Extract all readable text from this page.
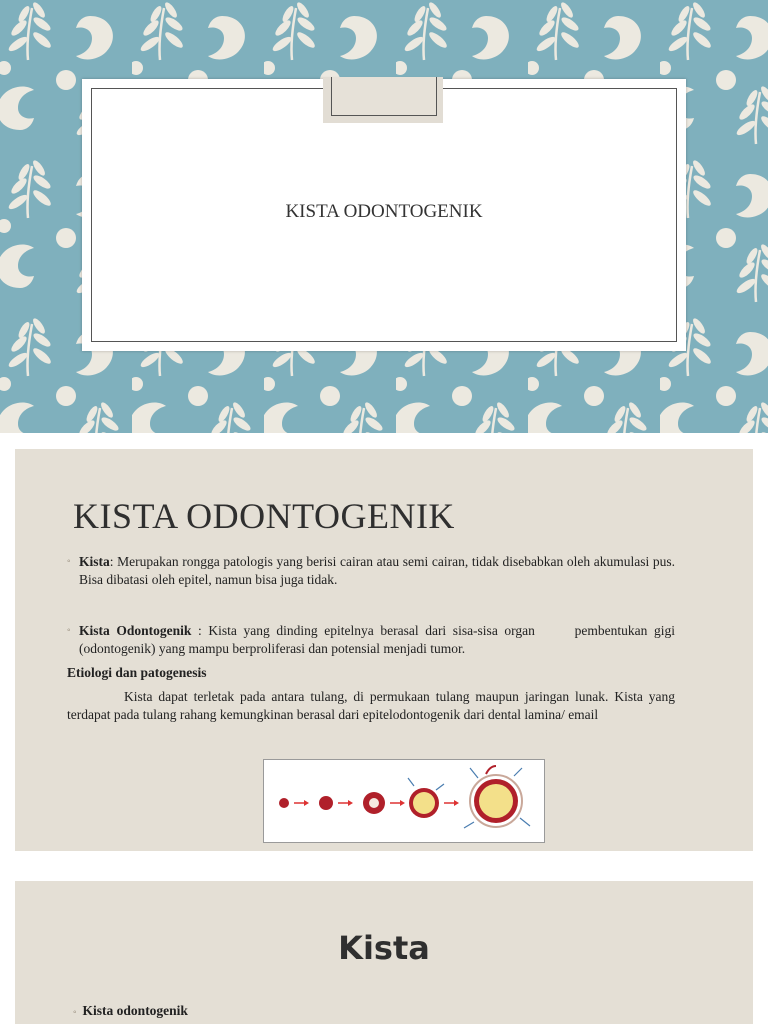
KISTA ODONTOGENIK
KISTA ODONTOGENIK
◦ Kista: Merupakan rongga patologis yang berisi cairan atau semi cairan, tidak disebabkan oleh akumulasi pus. Bisa dibatasi oleh epitel, namun bisa juga tidak.
◦ Kista Odontogenik : Kista yang dinding epitelnya berasal dari sisa-sisa organ      pembentukan gigi (odontogenik) yang mampu berproliferasi dan potensial menjadi tumor.
Etiologi dan patogenesis
Kista dapat terletak pada antara tulang, di permukaan tulang maupun jaringan lunak. Kista yang terdapat pada tulang rahang kemungkinan berasal dari epitelodontogenik dari dental lamina/ email
Kista
◦ Kista odontogenik
